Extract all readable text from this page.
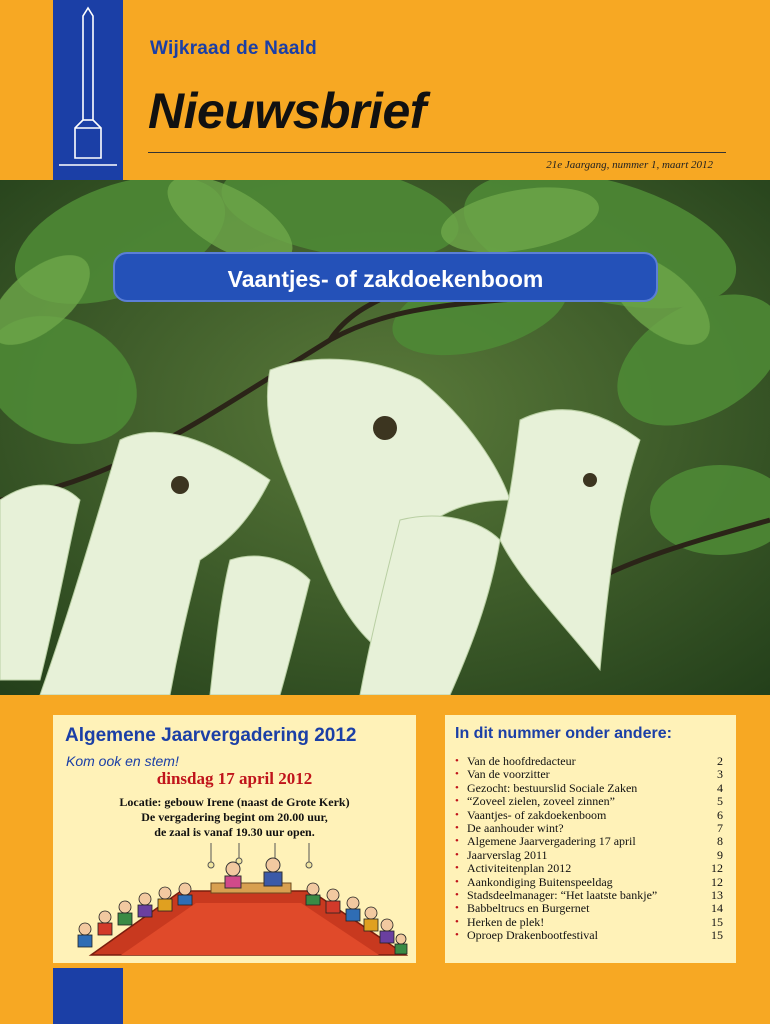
Wijkraad de Naald
Nieuwsbrief
21e Jaargang, nummer 1, maart 2012
Vaantjes- of zakdoekenboom
Algemene Jaarvergadering 2012
Kom ook en stem!
dinsdag 17 april 2012
Locatie: gebouw Irene (naast de Grote Kerk)
De vergadering begint om 20.00 uur,
de zaal is vanaf 19.30 uur open.
In dit nummer onder andere:
• Van de hoofdredacteur	2
• Van de voorzitter	3
• Gezocht: bestuurslid Sociale Zaken	4
• “Zoveel zielen, zoveel zinnen”	5
• Vaantjes- of zakdoekenboom	6
• De aanhouder wint?	7
• Algemene Jaarvergadering 17 april	8
• Jaarverslag 2011	9
• Activiteitenplan 2012	12
• Aankondiging Buitenspeeldag	12
• Stadsdeelmanager: “Het laatste bankje”	13
• Babbeltrucs en Burgernet	14
• Herken de plek!	15
• Oproep Drakenbootfestival	15
